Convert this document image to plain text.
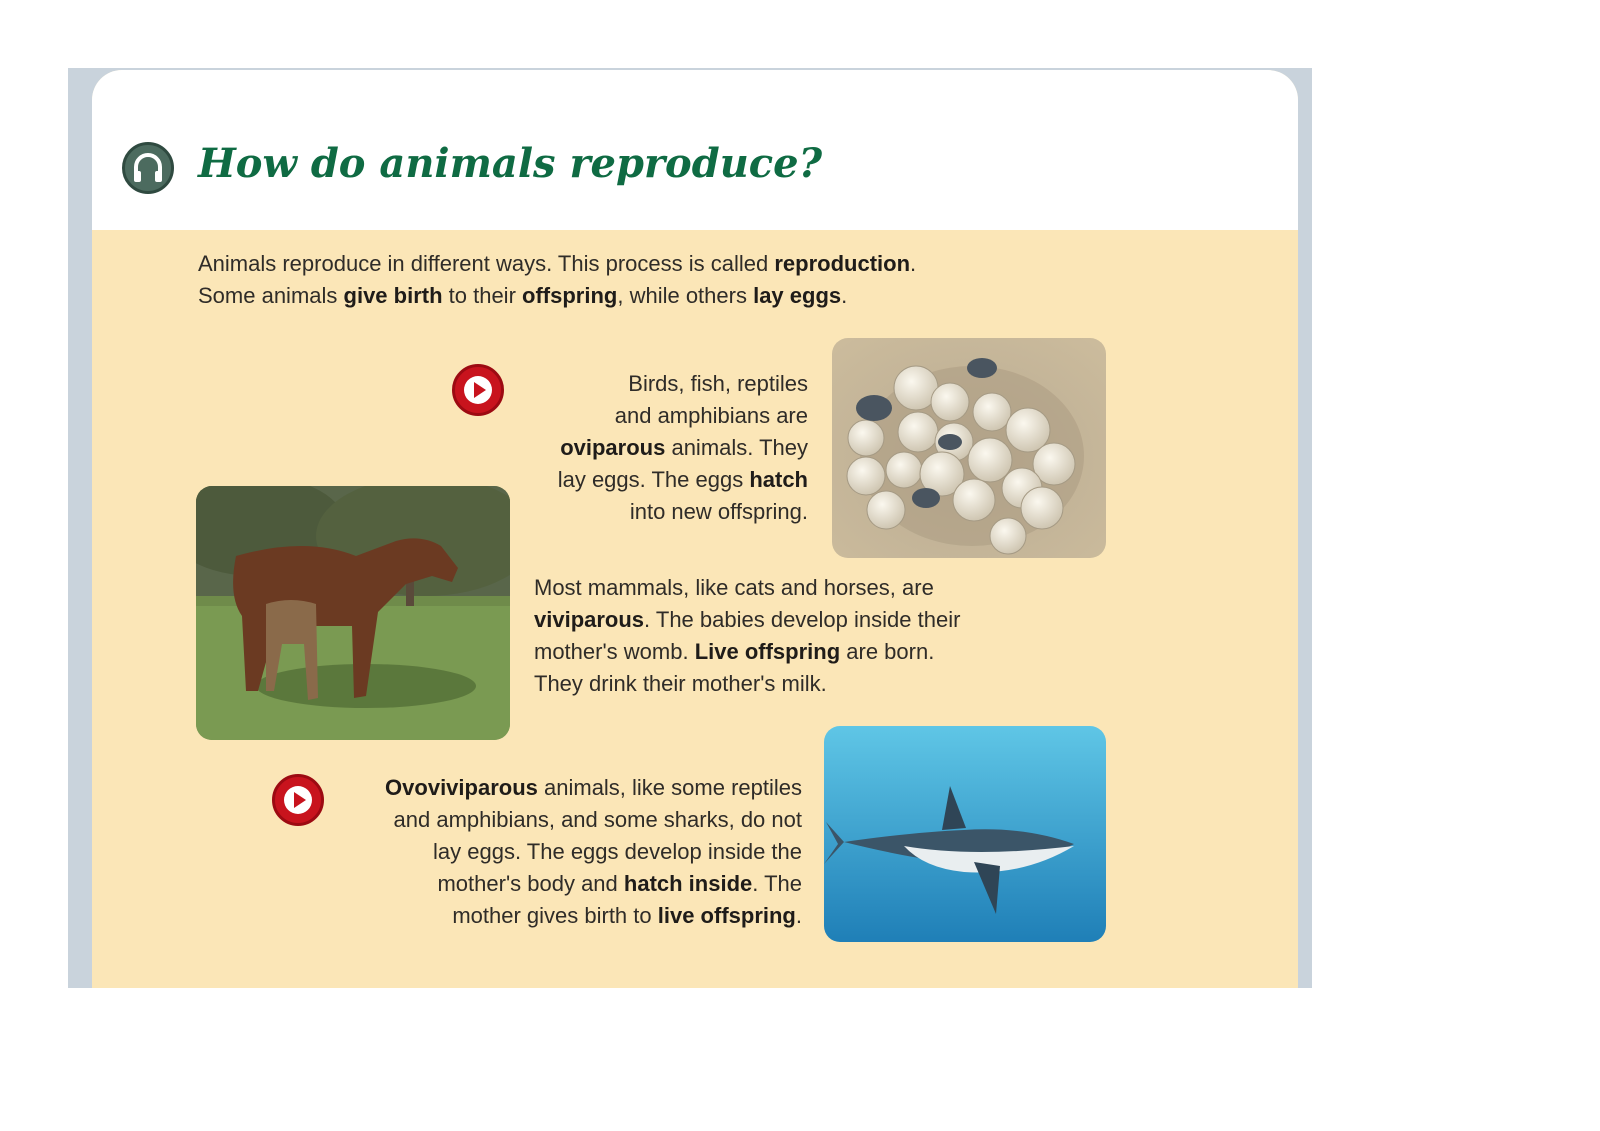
How do animals reproduce?
Animals reproduce in different ways. This process is called reproduction.
Some animals give birth to their offspring, while others lay eggs.
Birds, fish, reptiles
and amphibians are
oviparous animals. They
lay eggs. The eggs hatch
into new offspring.
Most mammals, like cats and horses, are
viviparous. The babies develop inside their
mother's womb. Live offspring are born.
They drink their mother's milk.
Ovoviviparous animals, like some reptiles
and amphibians, and some sharks, do not
lay eggs. The eggs develop inside the
mother's body and hatch inside. The
mother gives birth to live offspring.
